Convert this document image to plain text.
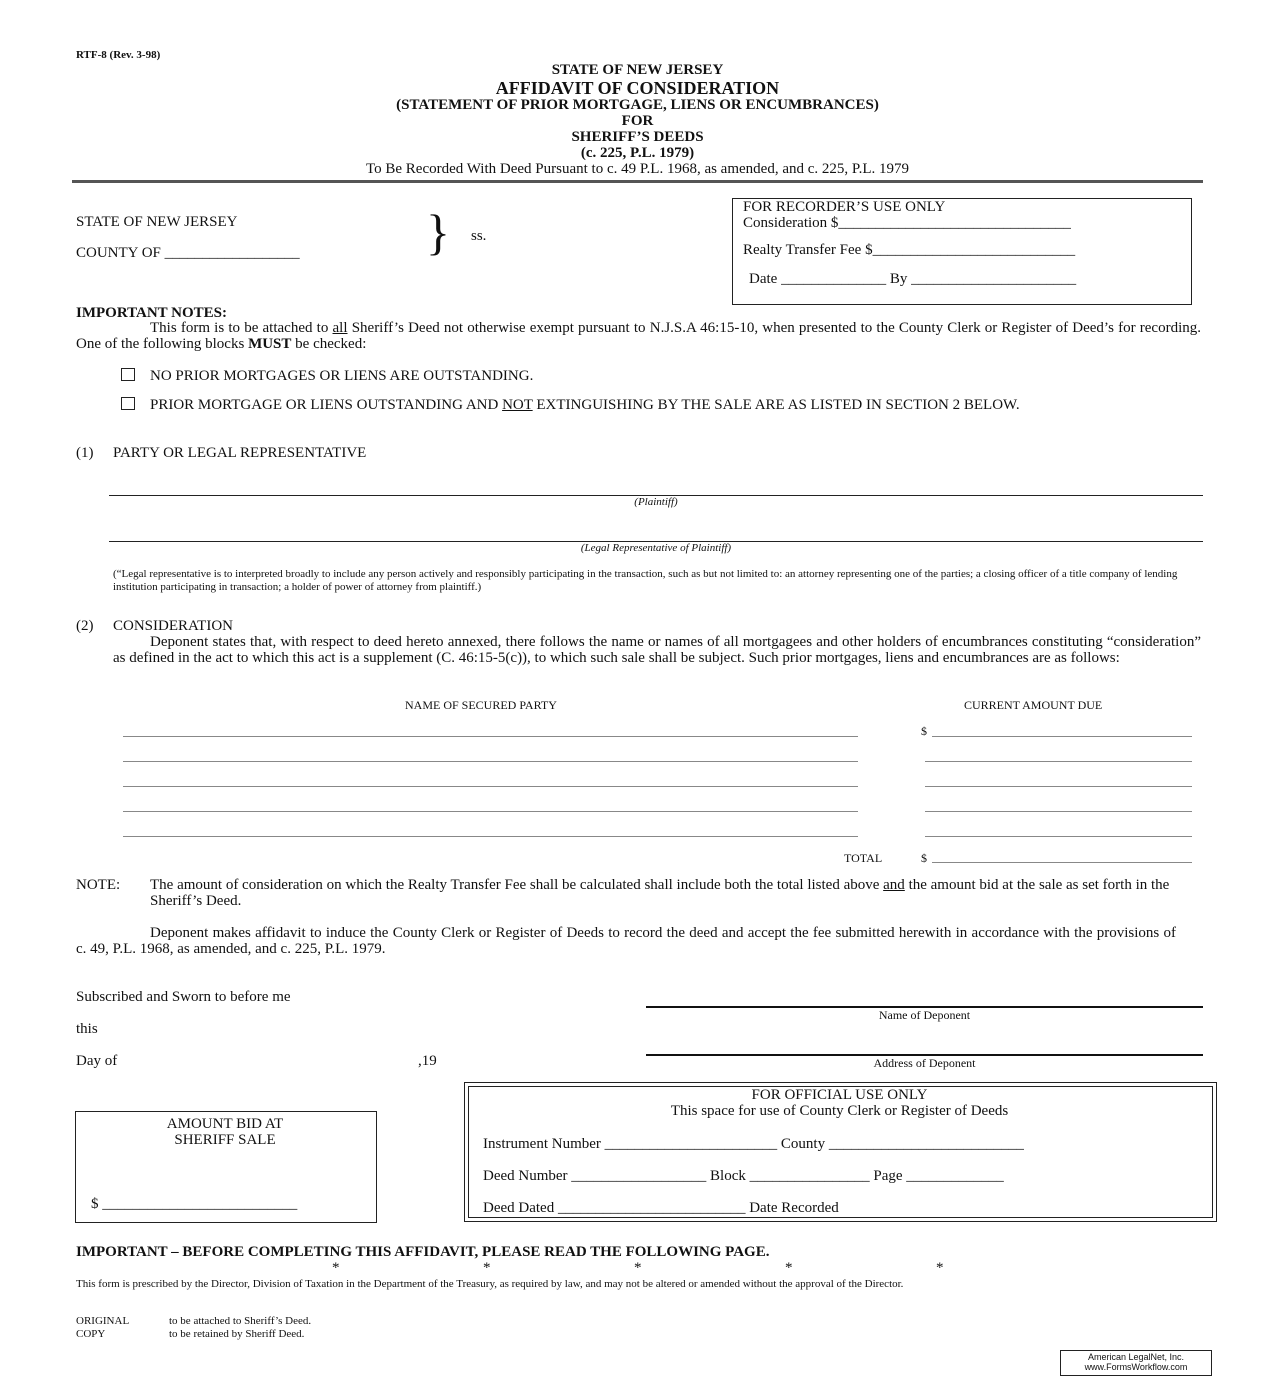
RTF-8 (Rev. 3-98)
STATE OF NEW JERSEY
AFFIDAVIT OF CONSIDERATION
(STATEMENT OF PRIOR MORTGAGE, LIENS OR ENCUMBRANCES)
FOR
SHERIFF’S DEEDS
(c. 225, P.L. 1979)
To Be Recorded With Deed Pursuant to c. 49 P.L. 1968, as amended, and c. 225, P.L. 1979
STATE OF NEW JERSEY
COUNTY OF __________________	} ss.
FOR RECORDER’S USE ONLY
Consideration $_______________________________
Realty Transfer Fee $___________________________
Date ______________ By ______________________
IMPORTANT NOTES:
This form is to be attached to all Sheriff’s Deed not otherwise exempt pursuant to N.J.S.A 46:15-10, when presented to the County Clerk or Register of Deed’s for recording. One of the following blocks MUST be checked:
NO PRIOR MORTGAGES OR LIENS ARE OUTSTANDING.
PRIOR MORTGAGE OR LIENS OUTSTANDING AND NOT EXTINGUISHING BY THE SALE ARE AS LISTED IN SECTION 2 BELOW.
(1) PARTY OR LEGAL REPRESENTATIVE
(Plaintiff)
(Legal Representative of Plaintiff)
(“Legal representative is to interpreted broadly to include any person actively and responsibly participating in the transaction, such as but not limited to: an attorney representing one of the parties; a closing officer of a title company of lending institution participating in transaction; a holder of power of attorney from plaintiff.)
(2) CONSIDERATION
Deponent states that, with respect to deed hereto annexed, there follows the name or names of all mortgagees and other holders of encumbrances constituting “consideration” as defined in the act to which this act is a supplement (C. 46:15-5(c)), to which such sale shall be subject. Such prior mortgages, liens and encumbrances are as follows:
NAME OF SECURED PARTY	CURRENT AMOUNT DUE
$
TOTAL	$
NOTE: The amount of consideration on which the Realty Transfer Fee shall be calculated shall include both the total listed above and the amount bid at the sale as set forth in the Sheriff’s Deed.
Deponent makes affidavit to induce the County Clerk or Register of Deeds to record the deed and accept the fee submitted herewith in accordance with the provisions of c. 49, P.L. 1968, as amended, and c. 225, P.L. 1979.
Subscribed and Sworn to before me
this
Day of	,19
Name of Deponent
Address of Deponent
AMOUNT BID AT
SHERIFF SALE
$ __________________________
FOR OFFICIAL USE ONLY
This space for use of County Clerk or Register of Deeds
Instrument Number _______________________ County __________________________
Deed Number __________________ Block ________________ Page _____________
Deed Dated _________________________ Date Recorded
IMPORTANT – BEFORE COMPLETING THIS AFFIDAVIT, PLEASE READ THE FOLLOWING PAGE.
*	*	*	*	*
This form is prescribed by the Director, Division of Taxation in the Department of the Treasury, as required by law, and may not be altered or amended without the approval of the Director.
ORIGINAL	to be attached to Sheriff’s Deed.
COPY	to be retained by Sheriff Deed.
American LegalNet, Inc.
www.FormsWorkflow.com
